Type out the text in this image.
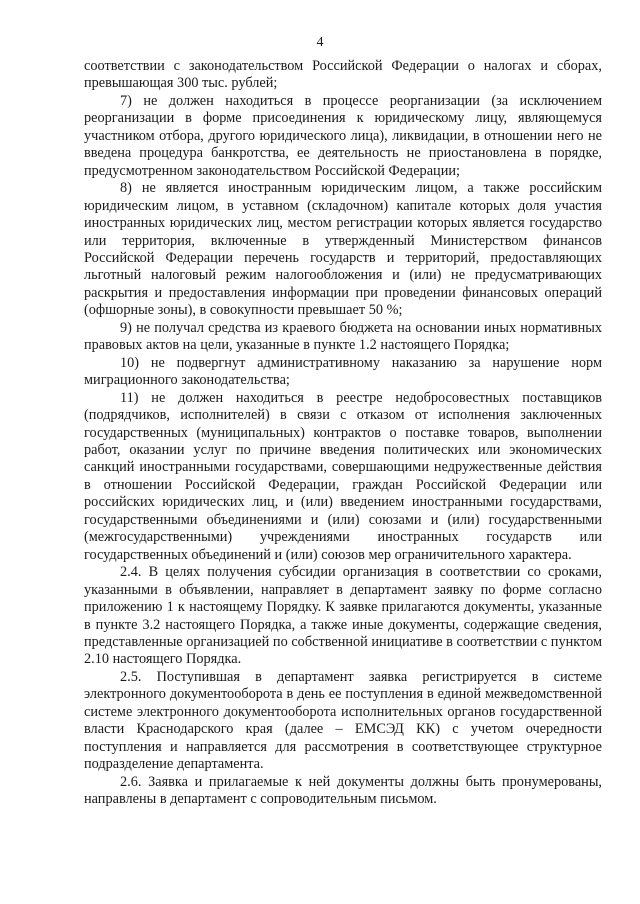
4

соответствии с законодательством Российской Федерации о налогах и сборах, превышающая 300 тыс. рублей;

7) не должен находиться в процессе реорганизации (за исключением реорганизации в форме присоединения к юридическому лицу, являющемуся участником отбора, другого юридического лица), ликвидации, в отношении него не введена процедура банкротства, ее деятельность не приостановлена в порядке, предусмотренном законодательством Российской Федерации;

8) не является иностранным юридическим лицом, а также российским юридическим лицом, в уставном (складочном) капитале которых доля участия иностранных юридических лиц, местом регистрации которых является государство или территория, включенные в утвержденный Министерством финансов Российской Федерации перечень государств и территорий, предоставляющих льготный налоговый режим налогообложения и (или) не предусматривающих раскрытия и предоставления информации при проведении финансовых операций (офшорные зоны), в совокупности превышает 50 %;

9) не получал средства из краевого бюджета на основании иных нормативных правовых актов на цели, указанные в пункте 1.2 настоящего Порядка;

10) не подвергнут административному наказанию за нарушение норм миграционного законодательства;

11) не должен находиться в реестре недобросовестных поставщиков (подрядчиков, исполнителей) в связи с отказом от исполнения заключенных государственных (муниципальных) контрактов о поставке товаров, выполнении работ, оказании услуг по причине введения политических или экономических санкций иностранными государствами, совершающими недружественные действия в отношении Российской Федерации, граждан Российской Федерации или российских юридических лиц, и (или) введением иностранными государствами, государственными объединениями и (или) союзами и (или) государственными (межгосударственными) учреждениями иностранных государств или государственных объединений и (или) союзов мер ограничительного характера.

2.4. В целях получения субсидии организация в соответствии со сроками, указанными в объявлении, направляет в департамент заявку по форме согласно приложению 1 к настоящему Порядку. К заявке прилагаются документы, указанные в пункте 3.2 настоящего Порядка, а также иные документы, содержащие сведения, представленные организацией по собственной инициативе в соответствии с пунктом 2.10 настоящего Порядка.

2.5. Поступившая в департамент заявка регистрируется в системе электронного документооборота в день ее поступления в единой межведомственной системе электронного документооборота исполнительных органов государственной власти Краснодарского края (далее – ЕМСЭД КК) с учетом очередности поступления и направляется для рассмотрения в соответствующее структурное подразделение департамента.

2.6. Заявка и прилагаемые к ней документы должны быть пронумерованы, направлены в департамент с сопроводительным письмом.
